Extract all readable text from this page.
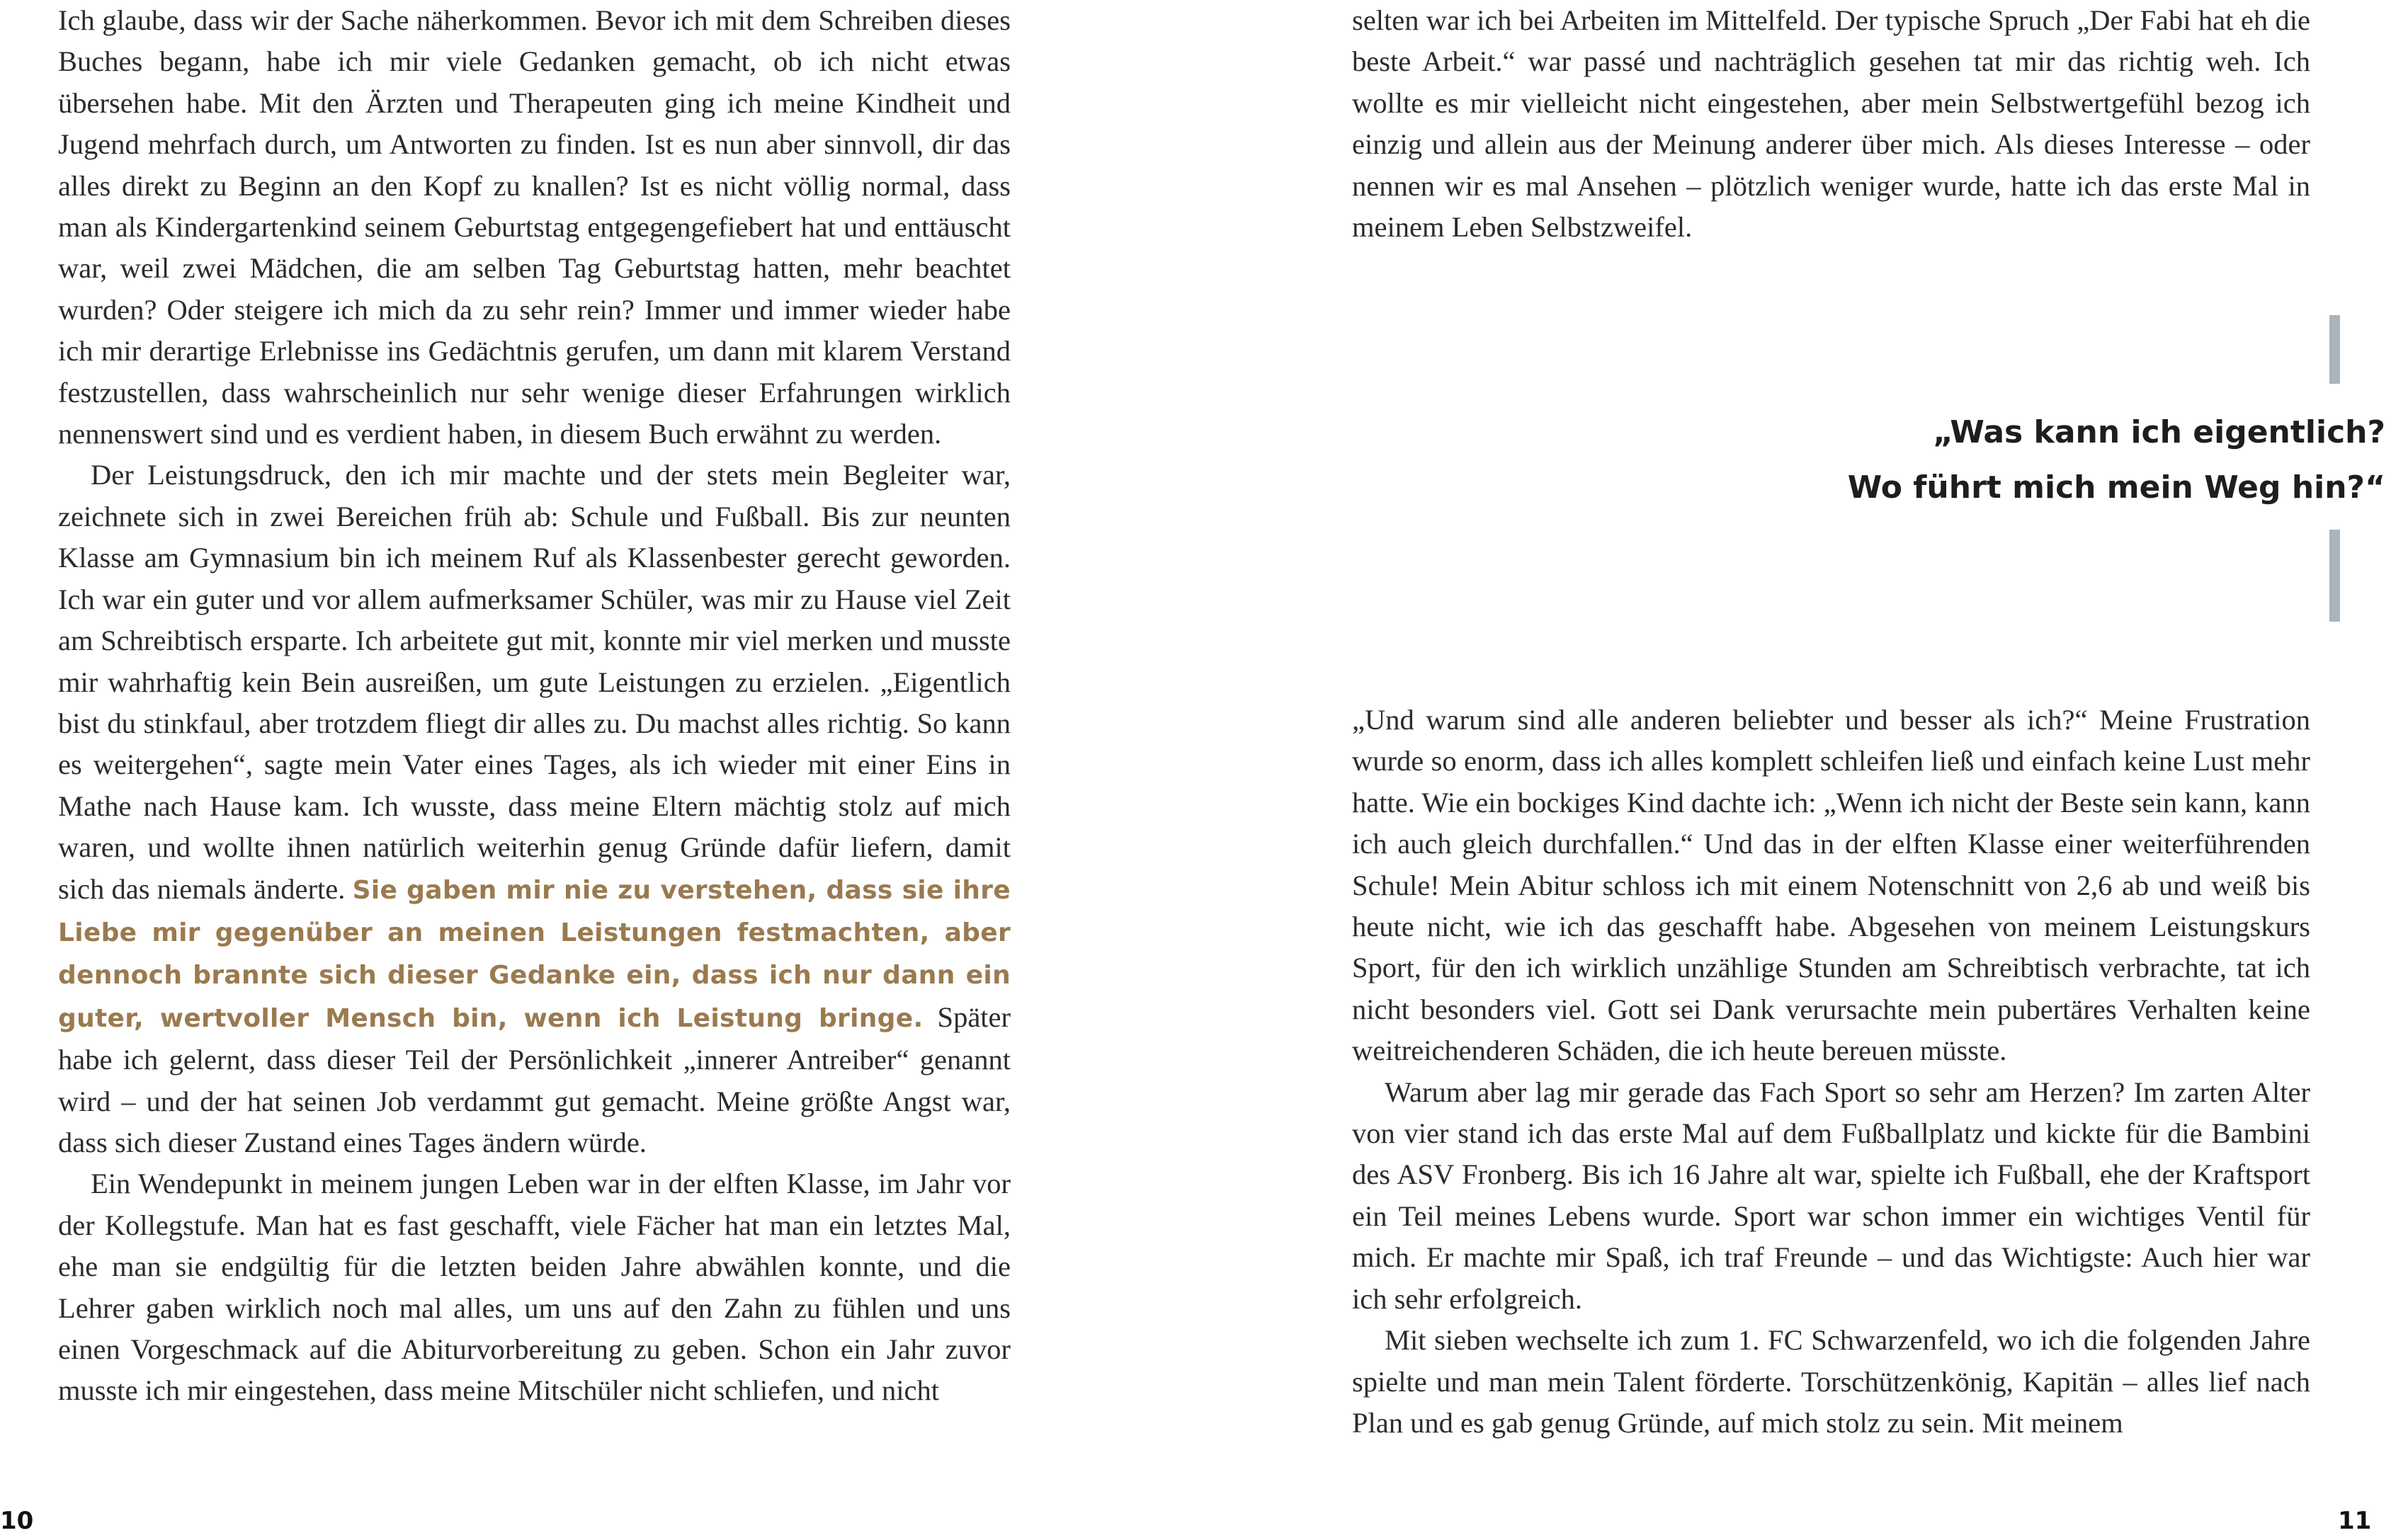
Ich glaube, dass wir der Sache näherkommen. Bevor ich mit dem Schreiben dieses Buches begann, habe ich mir viele Gedanken gemacht, ob ich nicht etwas übersehen habe. Mit den Ärzten und Therapeuten ging ich meine Kindheit und Jugend mehrfach durch, um Antworten zu finden. Ist es nun aber sinnvoll, dir das alles direkt zu Beginn an den Kopf zu knallen? Ist es nicht völlig normal, dass man als Kindergartenkind seinem Geburtstag entgegengefiebert hat und enttäuscht war, weil zwei Mädchen, die am selben Tag Geburtstag hatten, mehr beachtet wurden? Oder steigere ich mich da zu sehr rein? Immer und immer wieder habe ich mir derartige Erlebnisse ins Gedächtnis gerufen, um dann mit klarem Verstand festzustellen, dass wahrscheinlich nur sehr wenige dieser Erfahrungen wirklich nennenswert sind und es verdient haben, in diesem Buch erwähnt zu werden.

Der Leistungsdruck, den ich mir machte und der stets mein Begleiter war, zeichnete sich in zwei Bereichen früh ab: Schule und Fußball. Bis zur neunten Klasse am Gymnasium bin ich meinem Ruf als Klassenbester gerecht geworden. Ich war ein guter und vor allem aufmerksamer Schüler, was mir zu Hause viel Zeit am Schreibtisch ersparte. Ich arbeitete gut mit, konnte mir viel merken und musste mir wahrhaftig kein Bein ausreißen, um gute Leistungen zu erzielen. „Eigentlich bist du stinkfaul, aber trotzdem fliegt dir alles zu. Du machst alles richtig. So kann es weitergehen“, sagte mein Vater eines Tages, als ich wieder mit einer Eins in Mathe nach Hause kam. Ich wusste, dass meine Eltern mächtig stolz auf mich waren, und wollte ihnen natürlich weiterhin genug Gründe dafür liefern, damit sich das niemals änderte. Sie gaben mir nie zu verstehen, dass sie ihre Liebe mir gegenüber an meinen Leistungen festmachten, aber dennoch brannte sich dieser Gedanke ein, dass ich nur dann ein guter, wertvoller Mensch bin, wenn ich Leistung bringe. Später habe ich gelernt, dass dieser Teil der Persönlichkeit „innerer Antreiber“ genannt wird – und der hat seinen Job verdammt gut gemacht. Meine größte Angst war, dass sich dieser Zustand eines Tages ändern würde.

Ein Wendepunkt in meinem jungen Leben war in der elften Klasse, im Jahr vor der Kollegstufe. Man hat es fast geschafft, viele Fächer hat man ein letztes Mal, ehe man sie endgültig für die letzten beiden Jahre abwählen konnte, und die Lehrer gaben wirklich noch mal alles, um uns auf den Zahn zu fühlen und uns einen Vorgeschmack auf die Abiturvorbereitung zu geben. Schon ein Jahr zuvor musste ich mir eingestehen, dass meine Mitschüler nicht schliefen, und nicht

selten war ich bei Arbeiten im Mittelfeld. Der typische Spruch „Der Fabi hat eh die beste Arbeit.“ war passé und nachträglich gesehen tat mir das richtig weh. Ich wollte es mir vielleicht nicht eingestehen, aber mein Selbstwertgefühl bezog ich einzig und allein aus der Meinung anderer über mich. Als dieses Interesse – oder nennen wir es mal Ansehen – plötzlich weniger wurde, hatte ich das erste Mal in meinem Leben Selbstzweifel.

„Was kann ich eigentlich?
Wo führt mich mein Weg hin?“

„Und warum sind alle anderen beliebter und besser als ich?“ Meine Frustration wurde so enorm, dass ich alles komplett schleifen ließ und einfach keine Lust mehr hatte. Wie ein bockiges Kind dachte ich: „Wenn ich nicht der Beste sein kann, kann ich auch gleich durchfallen.“ Und das in der elften Klasse einer weiterführenden Schule! Mein Abitur schloss ich mit einem Notenschnitt von 2,6 ab und weiß bis heute nicht, wie ich das geschafft habe. Abgesehen von meinem Leistungskurs Sport, für den ich wirklich unzählige Stunden am Schreibtisch verbrachte, tat ich nicht besonders viel. Gott sei Dank verursachte mein pubertäres Verhalten keine weitreichenderen Schäden, die ich heute bereuen müsste.

Warum aber lag mir gerade das Fach Sport so sehr am Herzen? Im zarten Alter von vier stand ich das erste Mal auf dem Fußballplatz und kickte für die Bambini des ASV Fronberg. Bis ich 16 Jahre alt war, spielte ich Fußball, ehe der Kraftsport ein Teil meines Lebens wurde. Sport war schon immer ein wichtiges Ventil für mich. Er machte mir Spaß, ich traf Freunde – und das Wichtigste: Auch hier war ich sehr erfolgreich.

Mit sieben wechselte ich zum 1. FC Schwarzenfeld, wo ich die folgenden Jahre spielte und man mein Talent förderte. Torschützenkönig, Kapitän – alles lief nach Plan und es gab genug Gründe, auf mich stolz zu sein. Mit meinem

10	11
